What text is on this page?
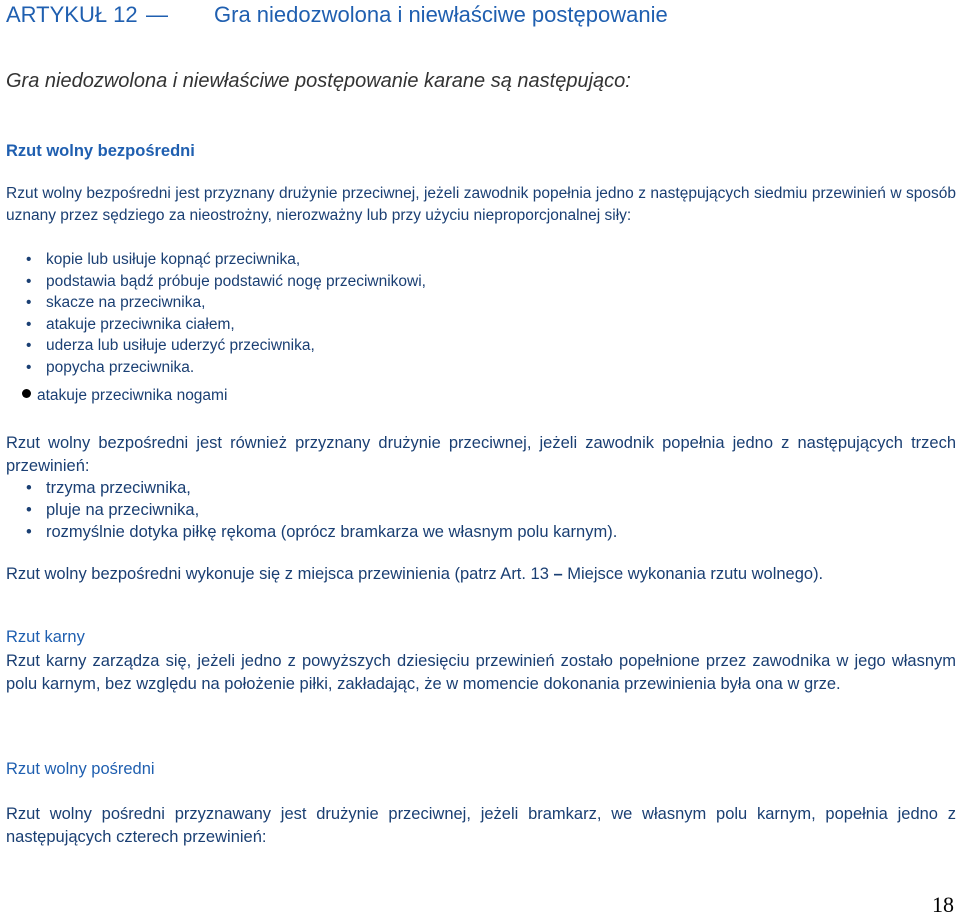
ARTYKUŁ 12 — Gra niedozwolona i niewłaściwe postępowanie
Gra niedozwolona i niewłaściwe postępowanie karane są następująco:
Rzut wolny bezpośredni
Rzut wolny bezpośredni jest przyznany drużynie przeciwnej, jeżeli zawodnik popełnia jedno z następujących siedmiu przewinień w sposób uznany przez sędziego za nieostrożny, nierozważny lub przy użyciu nieproporcjonalnej siły:
• kopie lub usiłuje kopnąć przeciwnika,
• podstawia bądź próbuje podstawić nogę przeciwnikowi,
• skacze na przeciwnika,
• atakuje przeciwnika ciałem,
• uderza lub usiłuje uderzyć przeciwnika,
• popycha przeciwnika.
atakuje przeciwnika nogami
Rzut wolny bezpośredni jest również przyznany drużynie przeciwnej, jeżeli zawodnik popełnia jedno z następujących trzech przewinień:
• trzyma przeciwnika,
• pluje na przeciwnika,
• rozmyślnie dotyka piłkę rękoma (oprócz bramkarza we własnym polu karnym).
Rzut wolny bezpośredni wykonuje się z miejsca przewinienia (patrz Art. 13 – Miejsce wykonania rzutu wolnego).
Rzut karny
Rzut karny zarządza się, jeżeli jedno z powyższych dziesięciu przewinień zostało popełnione przez zawodnika w jego własnym polu karnym, bez względu na położenie piłki, zakładając, że w momencie dokonania przewinienia była ona w grze.
Rzut wolny pośredni
Rzut wolny pośredni przyznawany jest drużynie przeciwnej, jeżeli bramkarz, we własnym polu karnym, popełnia jedno z następujących czterech przewinień:
18
